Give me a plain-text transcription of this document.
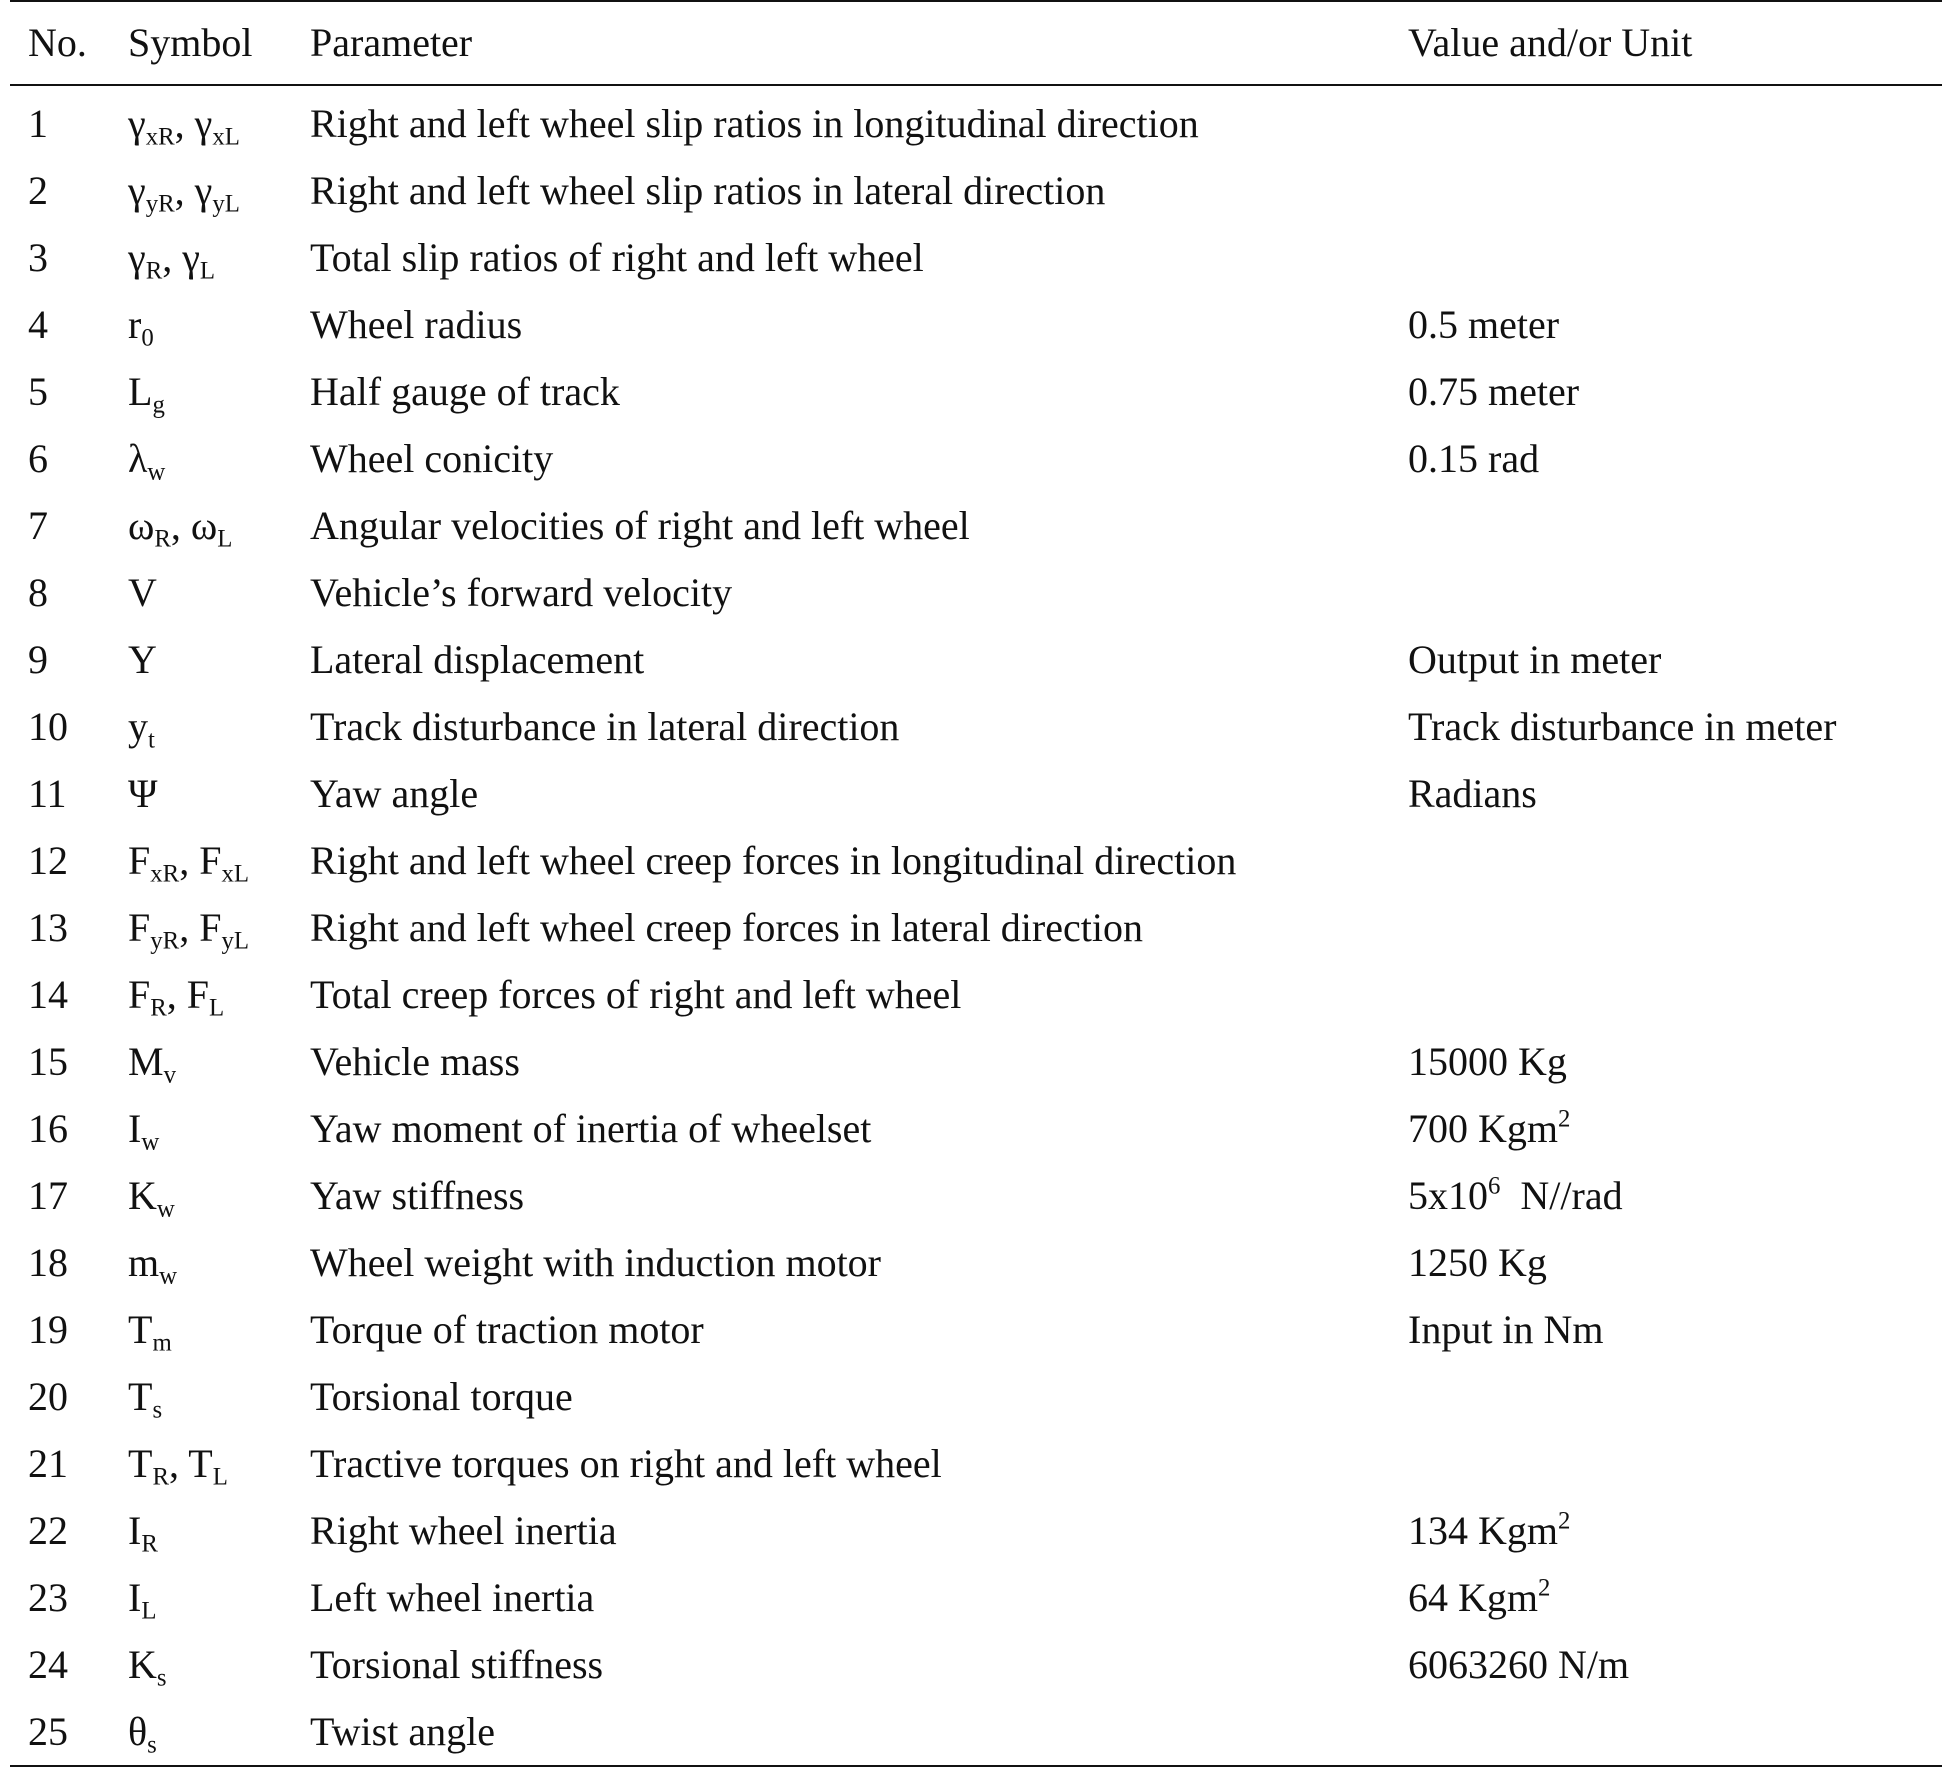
No.	Symbol	Parameter	Value and/or Unit
1	$\gamma_{xR}$, $\gamma_{xL}$	Right and left wheel slip ratios in longitudinal direction
2	$\gamma_{yR}$, $\gamma_{yL}$	Right and left wheel slip ratios in lateral direction
3	$\gamma_R$, $\gamma_L$	Total slip ratios of right and left wheel
4	$r_0$	Wheel radius	0.5 meter
5	$L_g$	Half gauge of track	0.75 meter
6	$\lambda_w$	Wheel conicity	0.15 rad
7	$\omega_R$, $\omega_L$	Angular velocities of right and left wheel
8	V	Vehicle’s forward velocity
9	Y	Lateral displacement	Output in meter
10	$y_t$	Track disturbance in lateral direction	Track disturbance in meter
11	Ψ	Yaw angle	Radians
12	$F_{xR}$, $F_{xL}$	Right and left wheel creep forces in longitudinal direction
13	$F_{yR}$, $F_{yL}$	Right and left wheel creep forces in lateral direction
14	$F_R$, $F_L$	Total creep forces of right and left wheel
15	$M_v$	Vehicle mass	15000 Kg
16	$I_w$	Yaw moment of inertia of wheelset	700 Kgm$^2$
17	$K_w$	Yaw stiffness	$5x10^6$  N//rad
18	$m_w$	Wheel weight with induction motor	1250 Kg
19	$T_m$	Torque of traction motor	Input in Nm
20	$T_s$	Torsional torque
21	$T_R$, $T_L$	Tractive torques on right and left wheel
22	$I_R$	Right wheel inertia	134 Kgm$^2$
23	$I_L$	Left wheel inertia	64 Kgm$^2$
24	$K_s$	Torsional stiffness	6063260 N/m
25	$\theta_s$	Twist angle
